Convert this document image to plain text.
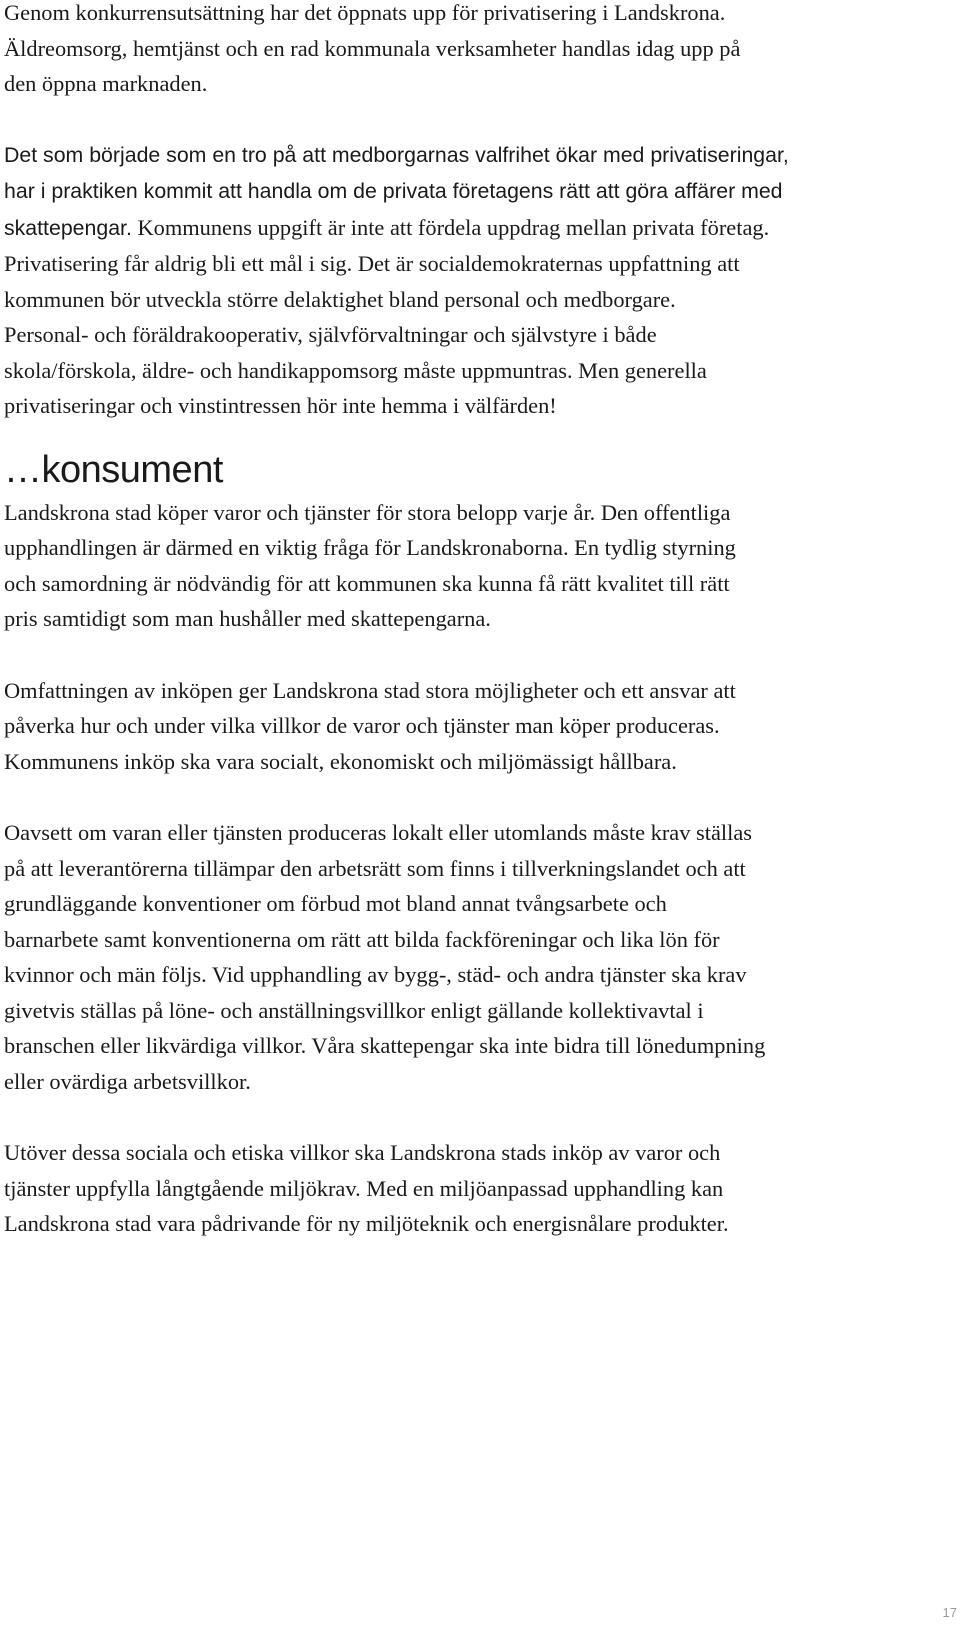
Genom konkurrensutsättning har det öppnats upp för privatisering i Landskrona.
Äldreomsorg, hemtjänst och en rad kommunala verksamheter handlas idag upp på
den öppna marknaden.

Det som började som en tro på att medborgarnas valfrihet ökar med privatiseringar,
har i praktiken kommit att handla om de privata företagens rätt att göra affärer med
skattepengar. Kommunens uppgift är inte att fördela uppdrag mellan privata företag.
Privatisering får aldrig bli ett mål i sig. Det är socialdemokraternas uppfattning att
kommunen bör utveckla större delaktighet bland personal och medborgare.
Personal- och föräldrakooperativ, självförvaltningar och självstyre i både
skola/förskola, äldre- och handikappomsorg måste uppmuntras. Men generella
privatiseringar och vinstintressen hör inte hemma i välfärden!

…konsument

Landskrona stad köper varor och tjänster för stora belopp varje år. Den offentliga
upphandlingen är därmed en viktig fråga för Landskronaborna. En tydlig styrning
och samordning är nödvändig för att kommunen ska kunna få rätt kvalitet till rätt
pris samtidigt som man hushåller med skattepengarna.

Omfattningen av inköpen ger Landskrona stad stora möjligheter och ett ansvar att
påverka hur och under vilka villkor de varor och tjänster man köper produceras.
Kommunens inköp ska vara socialt, ekonomiskt och miljömässigt hållbara.

Oavsett om varan eller tjänsten produceras lokalt eller utomlands måste krav ställas
på att leverantörerna tillämpar den arbetsrätt som finns i tillverkningslandet och att
grundläggande konventioner om förbud mot bland annat tvångsarbete och
barnarbete samt konventionerna om rätt att bilda fackföreningar och lika lön för
kvinnor och män följs. Vid upphandling av bygg-, städ- och andra tjänster ska krav
givetvis ställas på löne- och anställningsvillkor enligt gällande kollektivavtal i
branschen eller likvärdiga villkor. Våra skattepengar ska inte bidra till lönedumpning
eller ovärdiga arbetsvillkor.

Utöver dessa sociala och etiska villkor ska Landskrona stads inköp av varor och
tjänster uppfylla långtgående miljökrav. Med en miljöanpassad upphandling kan
Landskrona stad vara pådrivande för ny miljöteknik och energisnålare produkter.

17
